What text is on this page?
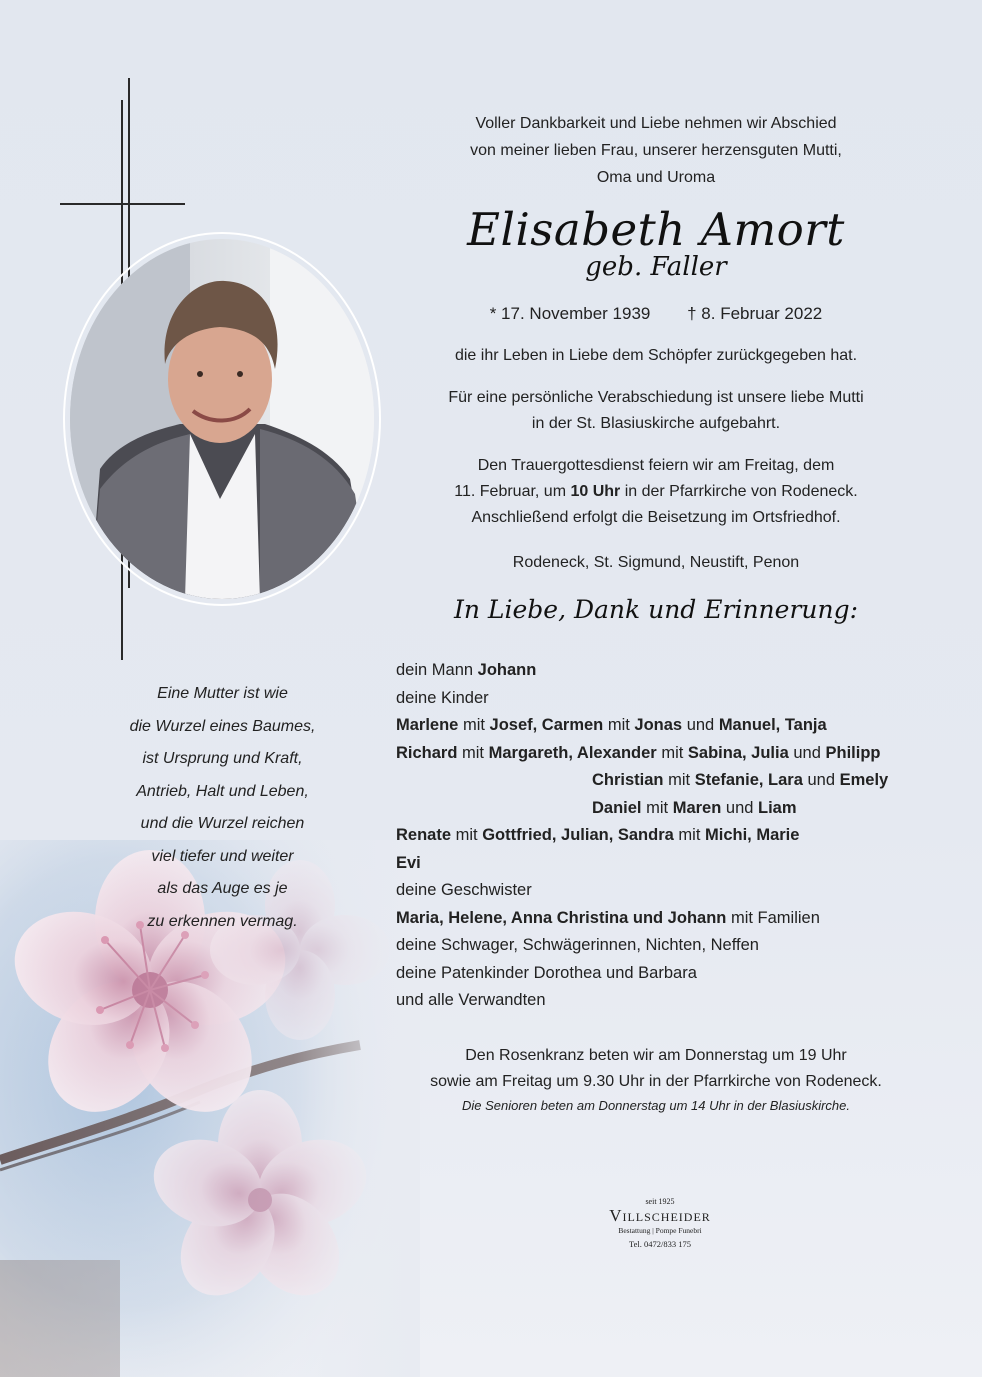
Eine Mutter ist wie
die Wurzel eines Baumes,
ist Ursprung und Kraft,
Antrieb, Halt und Leben,
und die Wurzel reichen
viel tiefer und weiter
als das Auge es je
zu erkennen vermag.
Voller Dankbarkeit und Liebe nehmen wir Abschied
von meiner lieben Frau, unserer herzensguten Mutti,
Oma und Uroma
Elisabeth Amort
geb. Faller
* 17. November 1939 † 8. Februar 2022
die ihr Leben in Liebe dem Schöpfer zurückgegeben hat.
Für eine persönliche Verabschiedung ist unsere liebe Mutti
in der St. Blasiuskirche aufgebahrt.
Den Trauergottesdienst feiern wir am Freitag, dem
11. Februar, um 10 Uhr in der Pfarrkirche von Rodeneck.
Anschließend erfolgt die Beisetzung im Ortsfriedhof.
Rodeneck, St. Sigmund, Neustift, Penon
In Liebe, Dank und Erinnerung:
dein Mann Johann
deine Kinder
Marlene mit Josef, Carmen mit Jonas und Manuel, Tanja
Richard mit Margareth, Alexander mit Sabina, Julia und Philipp
Christian mit Stefanie, Lara und Emely
Daniel mit Maren und Liam
Renate mit Gottfried, Julian, Sandra mit Michi, Marie
Evi
deine Geschwister
Maria, Helene, Anna Christina und Johann mit Familien
deine Schwager, Schwägerinnen, Nichten, Neffen
deine Patenkinder Dorothea und Barbara
und alle Verwandten
Den Rosenkranz beten wir am Donnerstag um 19 Uhr
sowie am Freitag um 9.30 Uhr in der Pfarrkirche von Rodeneck.
Die Senioren beten am Donnerstag um 14 Uhr in der Blasiuskirche.
seit 1925
Villscheider
Bestattung | Pompe Funebri
Tel. 0472/833 175
